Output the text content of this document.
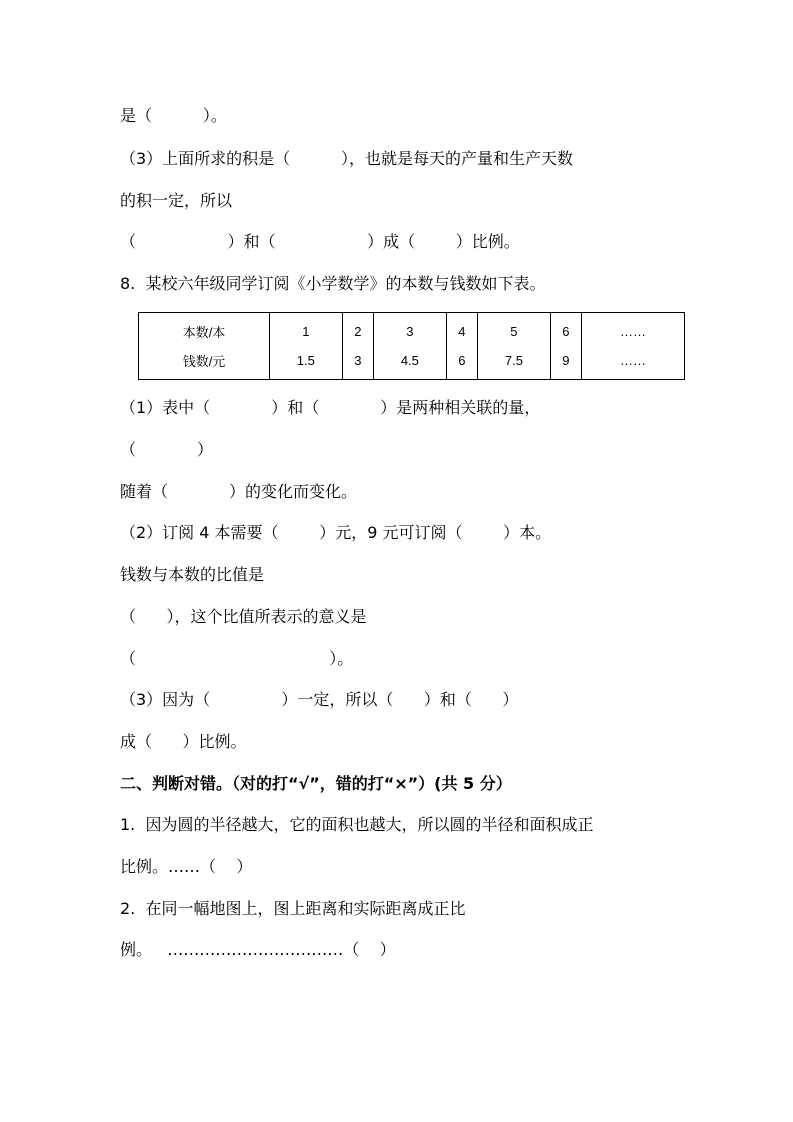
是（          ）。
（3）上面所求的积是（          ），也就是每天的产量和生产天数
的积一定，所以
（                  ）和（                  ）成（        ）比例。
8.  某校六年级同学订阅《小学数学》的本数与钱数如下表。
本数/本	1	2	3	4	5	6	……
钱数/元	1.5	3	4.5	6	7.5	9	……
（1）表中（            ）和（            ）是两种相关联的量，
（            ）
随着（            ）的变化而变化。
（2）订阅 4 本需要（        ）元，9 元可订阅（        ）本。
钱数与本数的比值是
（      ），这个比值所表示的意义是
（                                      ）。
（3）因为（              ）一定，所以（      ）和（      ）
成（      ）比例。
二、判断对错。（对的打“√”，错的打“×”）(共 5 分）
1.  因为圆的半径越大，它的面积也越大，所以圆的半径和面积成正
比例。……（    ）
2.  在同一幅地图上，图上距离和实际距离成正比
例。   ……………………………（    ）
